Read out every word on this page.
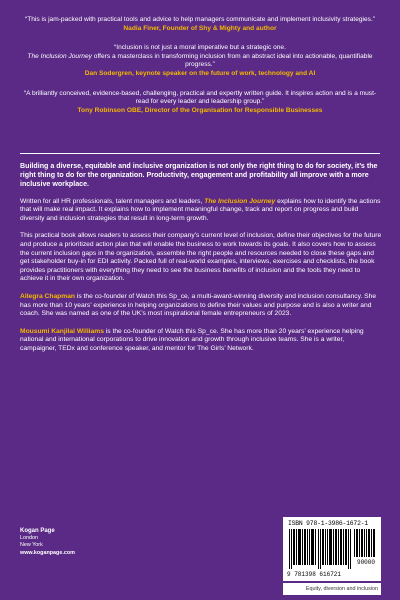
“This is jam-packed with practical tools and advice to help managers communicate and implement inclusivity strategies.”
Nadia Finer, Founder of Shy & Mighty and author
“Inclusion is not just a moral imperative but a strategic one.
The Inclusion Journey offers a masterclass in transforming inclusion from an abstract ideal into actionable, quantifiable progress.”
Dan Sodergren, keynote speaker on the future of work, technology and AI
“A brilliantly conceived, evidence-based, challenging, practical and expertly written guide. It inspires action and is a must-read for every leader and leadership group.”
Tony Robinson OBE, Director of the Organisation for Responsible Businesses

Building a diverse, equitable and inclusive organization is not only the right thing to do for society, it’s the right thing to do for the organization. Productivity, engagement and profitability all improve with a more inclusive workplace.

Written for all HR professionals, talent managers and leaders, The Inclusion Journey explains how to identify the actions that will make real impact. It explains how to implement meaningful change, track and report on progress and build diversity and inclusion strategies that result in long-term growth.

This practical book allows readers to assess their company’s current level of inclusion, define their objectives for the future and produce a prioritized action plan that will enable the business to work towards its goals. It also covers how to assess the current inclusion gaps in the organization, assemble the right people and resources needed to close these gaps and get stakeholder buy-in for EDI activity. Packed full of real-world examples, interviews, exercises and checklists, the book provides practitioners with everything they need to see the business benefits of inclusion and the tools they need to achieve it in their own organization.

Allegra Chapman is the co-founder of Watch this Sp_ce, a multi-award-winning diversity and inclusion consultancy. She has more than 10 years’ experience in helping organizations to define their values and purpose and is also a writer and coach. She was named as one of the UK’s most inspirational female entrepreneurs of 2023.

Mousumi Kanjilal Williams is the co-founder of Watch this Sp_ce. She has more than 20 years’ experience helping national and international corporations to drive innovation and growth through inclusive teams. She is a writer, campaigner, TEDx and conference speaker, and mentor for The Girls’ Network.

Kogan Page
London
New York
www.koganpage.com
ISBN 978-1-3986-1672-1
90000
9 781398 616721
Equity, diversion and inclusion
